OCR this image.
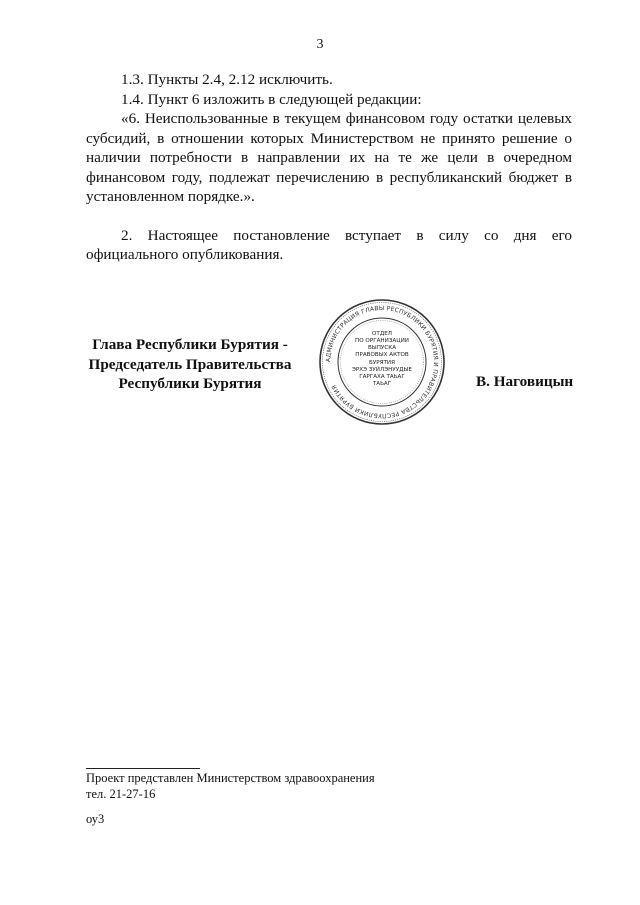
3

1.3. Пункты 2.4, 2.12 исключить.

1.4. Пункт 6 изложить в следующей редакции:

«6. Неиспользованные в текущем финансовом году остатки целевых субсидий, в отношении которых Министерством не принято решение о наличии потребности в направлении их на те же цели в очередном финансовом году, подлежат перечислению в республиканский бюджет в установленном порядке.».

2. Настоящее постановление вступает в силу со дня его официального опубликования.

Глава Республики Бурятия -
Председатель Правительства
Республики Бурятия
АДМИНИСТРАЦИЯ ГЛАВЫ РЕСПУБЛИКИ БУРЯТИЯ И ПРАВИТЕЛЬСТВА РЕСПУБЛИКИ БУРЯТИЯ
ОТДЕЛ
ПО ОРГАНИЗАЦИИ
ВЫПУСКА
ПРАВОВЫХ АКТОВ
БУРЯТИЯ
ЭРХЭ ЗУЙЛЭНУУДЫЕ
ГАРГАХА ТАЬАГ
ТАЬАГ	В. Наговицын
Проект представлен Министерством здравоохранения
тел. 21-27-16
оу3
